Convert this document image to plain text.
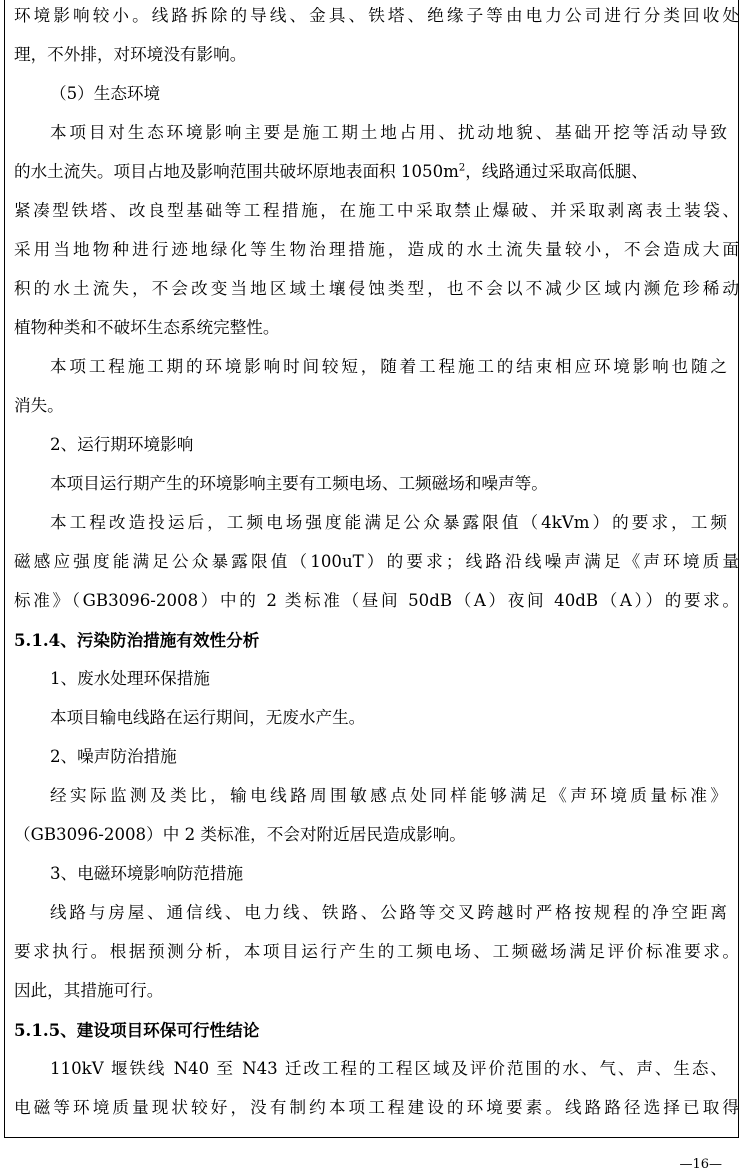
环境影响较小。线路拆除的导线、金具、铁塔、绝缘子等由电力公司进行分类回收处
理，不外排，对环境没有影响。
（5）生态环境
本项目对生态环境影响主要是施工期土地占用、扰动地貌、基础开挖等活动导致
的水土流失。项目占地及影响范围共破坏原地表面积 $1050m^2$，线路通过采取高低腿、
紧凑型铁塔、改良型基础等工程措施，在施工中采取禁止爆破、并采取剥离表土装袋、
采用当地物种进行迹地绿化等生物治理措施，造成的水土流失量较小，不会造成大面
积的水土流失，不会改变当地区域土壤侵蚀类型，也不会以不减少区域内濒危珍稀动
植物种类和不破坏生态系统完整性。
本项工程施工期的环境影响时间较短，随着工程施工的结束相应环境影响也随之
消失。
2、运行期环境影响
本项目运行期产生的环境影响主要有工频电场、工频磁场和噪声等。
本工程改造投运后，工频电场强度能满足公众暴露限值（4kVm）的要求，工频
磁感应强度能满足公众暴露限值（100uT）的要求；线路沿线噪声满足《声环境质量
标准》（GB3096-2008）中的 2 类标准（昼间 50dB（A）夜间 40dB（A））的要求。
5.1.4、污染防治措施有效性分析
1、废水处理环保措施
本项目输电线路在运行期间，无废水产生。
2、噪声防治措施
经实际监测及类比，输电线路周围敏感点处同样能够满足《声环境质量标准》
（GB3096-2008）中 2 类标准，不会对附近居民造成影响。
3、电磁环境影响防范措施
线路与房屋、通信线、电力线、铁路、公路等交叉跨越时严格按规程的净空距离
要求执行。根据预测分析，本项目运行产生的工频电场、工频磁场满足评价标准要求。
因此，其措施可行。
5.1.5、建设项目环保可行性结论
110kV 堰铁线 N40 至 N43 迁改工程的工程区域及评价范围的水、气、声、生态、
电磁等环境质量现状较好，没有制约本项工程建设的环境要素。线路路径选择已取得
—16—
